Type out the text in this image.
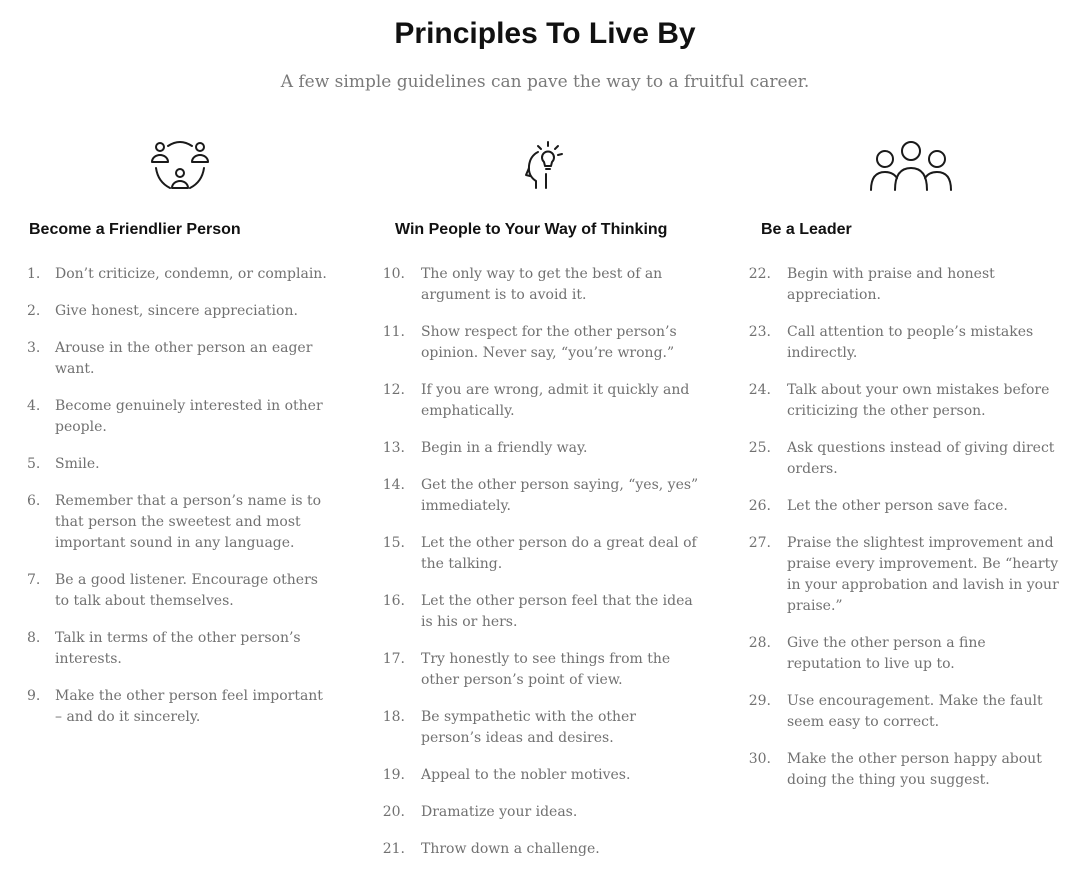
Principles To Live By

A few simple guidelines can pave the way to a fruitful career.

Become a Friendlier Person
1. Don’t criticize, condemn, or complain.
2. Give honest, sincere appreciation.
3. Arouse in the other person an eager want.
4. Become genuinely interested in other people.
5. Smile.
6. Remember that a person’s name is to that person the sweetest and most important sound in any language.
7. Be a good listener. Encourage others to talk about themselves.
8. Talk in terms of the other person’s interests.
9. Make the other person feel important – and do it sincerely.
Win People to Your Way of Thinking
10. The only way to get the best of an argument is to avoid it.
11. Show respect for the other person’s opinion. Never say, “you’re wrong.”
12. If you are wrong, admit it quickly and emphatically.
13. Begin in a friendly way.
14. Get the other person saying, “yes, yes” immediately.
15. Let the other person do a great deal of the talking.
16. Let the other person feel that the idea is his or hers.
17. Try honestly to see things from the other person’s point of view.
18. Be sympathetic with the other person’s ideas and desires.
19. Appeal to the nobler motives.
20. Dramatize your ideas.
21. Throw down a challenge.
Be a Leader
22. Begin with praise and honest appreciation.
23. Call attention to people’s mistakes indirectly.
24. Talk about your own mistakes before criticizing the other person.
25. Ask questions instead of giving direct orders.
26. Let the other person save face.
27. Praise the slightest improvement and praise every improvement. Be “hearty in your approbation and lavish in your praise.”
28. Give the other person a fine reputation to live up to.
29. Use encouragement. Make the fault seem easy to correct.
30. Make the other person happy about doing the thing you suggest.
